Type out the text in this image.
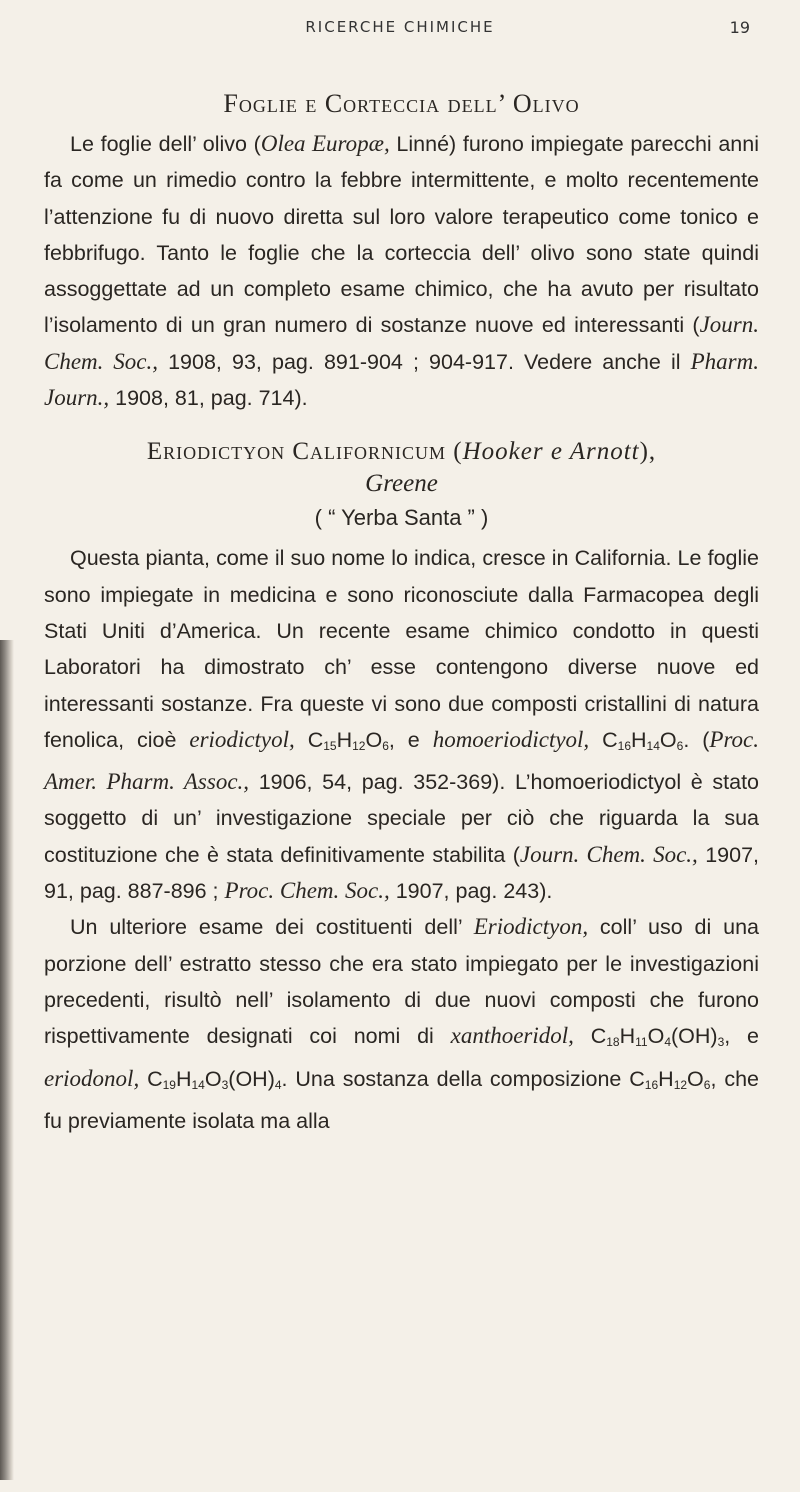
RICERCHE CHIMICHE	19
Foglie e Corteccia dell’ Olivo

Le foglie dell’ olivo (Olea Europæ, Linné) furono impiegate parecchi anni fa come un rimedio contro la febbre intermittente, e molto recentemente l’attenzione fu di nuovo diretta sul loro valore terapeutico come tonico e febbrifugo. Tanto le foglie che la corteccia dell’ olivo sono state quindi assoggettate ad un completo esame chimico, che ha avuto per risultato l’isolamento di un gran numero di sostanze nuove ed interessanti (Journ. Chem. Soc., 1908, 93, pag. 891-904 ; 904-917. Vedere anche il Pharm. Journ., 1908, 81, pag. 714).

Eriodictyon Californicum (Hooker e Arnott),
Greene
( “ Yerba Santa ” )

Questa pianta, come il suo nome lo indica, cresce in California. Le foglie sono impiegate in medicina e sono riconosciute dalla Farmacopea degli Stati Uniti d’America. Un recente esame chimico condotto in questi Laboratori ha dimostrato ch’ esse contengono diverse nuove ed interessanti sostanze. Fra queste vi sono due composti cristallini di natura fenolica, cioè eriodictyol, $C_{15}H_{12}O_6$, e homoeriodictyol, $C_{16}H_{14}O_6$. (Proc. Amer. Pharm. Assoc., 1906, 54, pag. 352-369). L’homoeriodictyol è stato soggetto di un’ investigazione speciale per ciò che riguarda la sua costituzione che è stata definitivamente stabilita (Journ. Chem. Soc., 1907, 91, pag. 887-896 ; Proc. Chem. Soc., 1907, pag. 243).

Un ulteriore esame dei costituenti dell’ Eriodictyon, coll’ uso di una porzione dell’ estratto stesso che era stato impiegato per le investigazioni precedenti, risultò nell’ isolamento di due nuovi composti che furono rispettivamente designati coi nomi di xanthoeridol, $C_{18}H_{11}O_4(OH)_3$, e eriodonol, $C_{19}H_{14}O_3(OH)_4$. Una sostanza della composizione $C_{16}H_{12}O_6$, che fu previamente isolata ma alla
